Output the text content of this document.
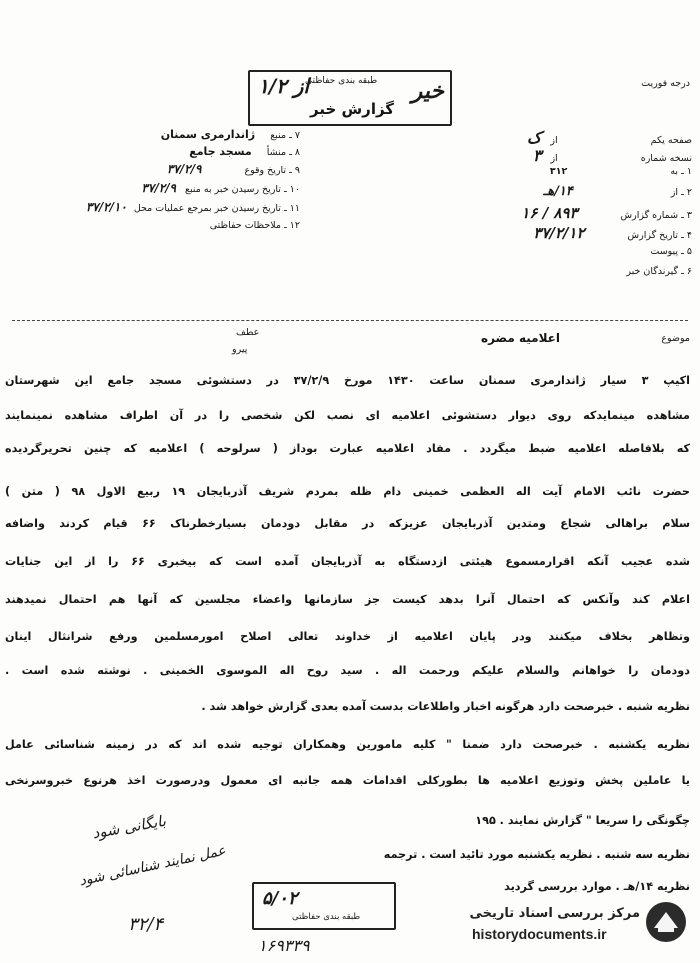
درجه فوریت
خیر
طبقه بندی حفاظتی
از ۱/۲
گزارش خبر
۷ ـ منبع ژاندارمری سمنان
۸ ـ منشأ مسجد جامع
۹ ـ تاریخ وقوع ۳۷/۲/۹
۱۰ ـ تاریخ رسیدن خبر به منبع ۳۷/۲/۹
۱۱ ـ تاریخ رسیدن خبر بمرجع عملیات محل ۳۷/۲/۱۰
۱۲ ـ ملاحظات حفاظتی
صفحه یکم از ک
نسخه شماره از ۳
۱ ـ به ۳۱۲
۲ ـ از ۱۴/هـ
۳ ـ شماره گزارش ۸۹۳ / ۱۶
۴ ـ تاریخ گزارش ۳۷/۲/۱۲
۵ ـ پیوست
۶ ـ گیرندگان خبر
موضوع
اعلامیه مضره
عطف
پیرو
اکیپ ۳ سیار ژاندارمری سمنان ساعت ۱۴۳۰ مورخ ۳۷/۲/۹ در دستشوئی مسجد جامع این شهرستان
مشاهده مینمایدکه روی دیوار دستشوئی اعلامیه ای نصب لکن شخصی را در آن اطراف مشاهده نمینمایند
که بلافاصله اعلامیه ضبط میگردد . مفاد اعلامیه عبارت بوداز ( سرلوحه ) اعلامیه که چنین تحریرگردیده
حضرت نائب الامام آیت اله العظمی خمینی دام ظله بمردم شریف آذربایجان ۱۹ ربیع الاول ۹۸ ( متن )
سلام براهالی شجاع ومتدین آذربایجان عزیزکه در مقابل دودمان بسیارخطرناک ۶۶ قیام کردند واضافه
شده عجیب آنکه اقرارمسموع هیئتی ازدستگاه به آذربایجان آمده است که بیخبری ۶۶ را از این جنایات
اعلام کند وآنکس که احتمال آنرا بدهد کیست جز سازمانها واعضاء مجلسین که آنها هم احتمال نمیدهند
وتظاهر بخلاف میکنند ودر پایان اعلامیه از خداوند تعالی اصلاح امورمسلمین ورفع شرانثال اینان
دودمان را خواهانم والسلام علیکم ورحمت اله . سید روح اله الموسوی الخمینی . نوشته شده است .
نظریه شنبه . خبرصحت دارد هرگونه اخبار واطلاعات بدست آمده بعدی گزارش خواهد شد .
نظریه یکشنبه . خبرصحت دارد ضمنا " کلیه مامورین وهمکاران توجیه شده اند که در زمینه شناسائی عامل
یا عاملین پخش وتوزیع اعلامیه ها بطورکلی اقدامات همه جانبه ای معمول ودرصورت اخذ هرنوع خبروسرنخی
چگونگی را سریعا " گزارش نمایند . ۱۹۵
نظریه سه شنبه . نظریه یکشنبه مورد تائید است . ترجمه
نظریه ۱۴/هـ . موارد بررسی گردید
بایگانی شود
عمل نمایند شناسائی شود
۳۲/۴
۱۶۹۳۳۹
۵/۰۲
طبقه بندی حفاظتی	مرکز بررسی اسناد تاریخی
historydocuments.ir
